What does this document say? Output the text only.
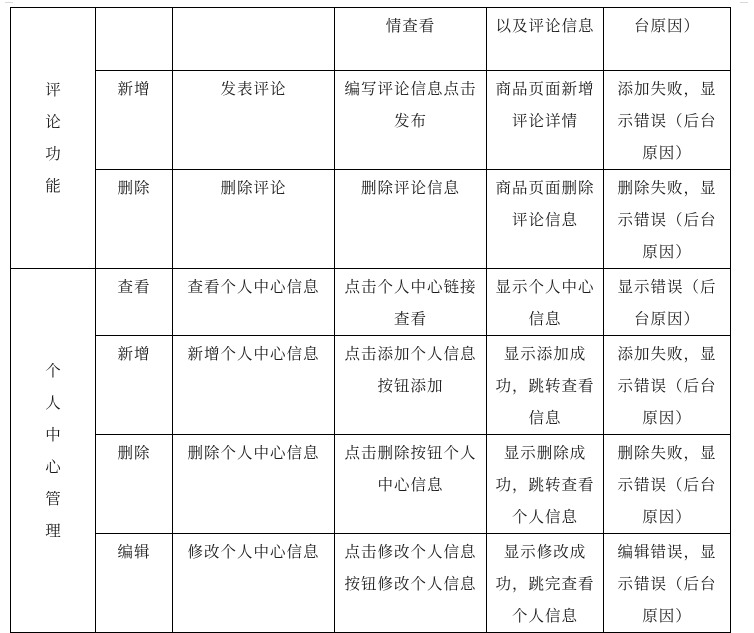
评论功能			情查看	以及评论信息	台原因）

	新增	发表评论	编写评论信息点击发布	商品页面新增评论详情	添加失败，显示错误（后台原因）

	删除	删除评论	删除评论信息	商品页面删除评论信息	删除失败，显示错误（后台原因）

个人中心管理	查看	查看个人中心信息	点击个人中心链接查看	显示个人中心信息	显示错误（后台原因）

	新增	新增个人中心信息	点击添加个人信息按钮添加	显示添加成功，跳转查看信息	添加失败，显示错误（后台原因）

	删除	删除个人中心信息	点击删除按钮个人中心信息	显示删除成功，跳转查看个人信息	删除失败，显示错误（后台原因）

	编辑	修改个人中心信息	点击修改个人信息按钮修改个人信息	显示修改成功，跳完查看个人信息	编辑错误，显示错误（后台原因）
